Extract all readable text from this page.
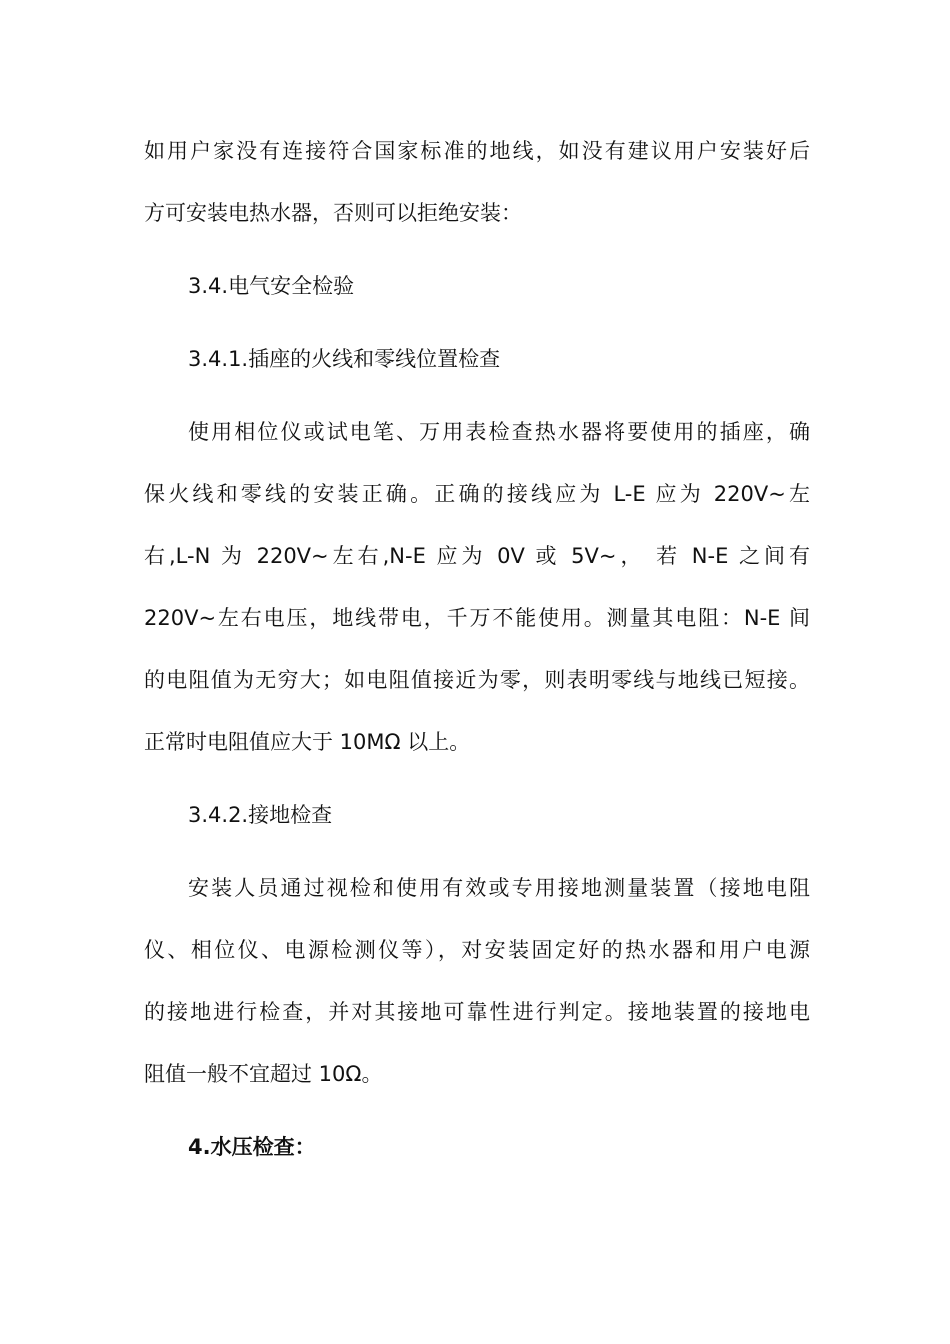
如用户家没有连接符合国家标准的地线，如没有建议用户安装好后
方可安装电热水器，否则可以拒绝安装：
3.4.电气安全检验
3.4.1.插座的火线和零线位置检查
使用相位仪或试电笔、万用表检查热水器将要使用的插座，确
保火线和零线的安装正确。正确的接线应为 L-E 应为 220V~左
右,L-N 为 220V~左右,N-E 应为 0V 或 5V~， 若 N-E 之间有
220V~左右电压，地线带电，千万不能使用。测量其电阻：N-E 间
的电阻值为无穷大；如电阻值接近为零，则表明零线与地线已短接。
正常时电阻值应大于 10MΩ 以上。
3.4.2.接地检查
安装人员通过视检和使用有效或专用接地测量装置（接地电阻
仪、相位仪、电源检测仪等），对安装固定好的热水器和用户电源
的接地进行检查，并对其接地可靠性进行判定。接地装置的接地电
阻值一般不宜超过 10Ω。
4.水压检查：
